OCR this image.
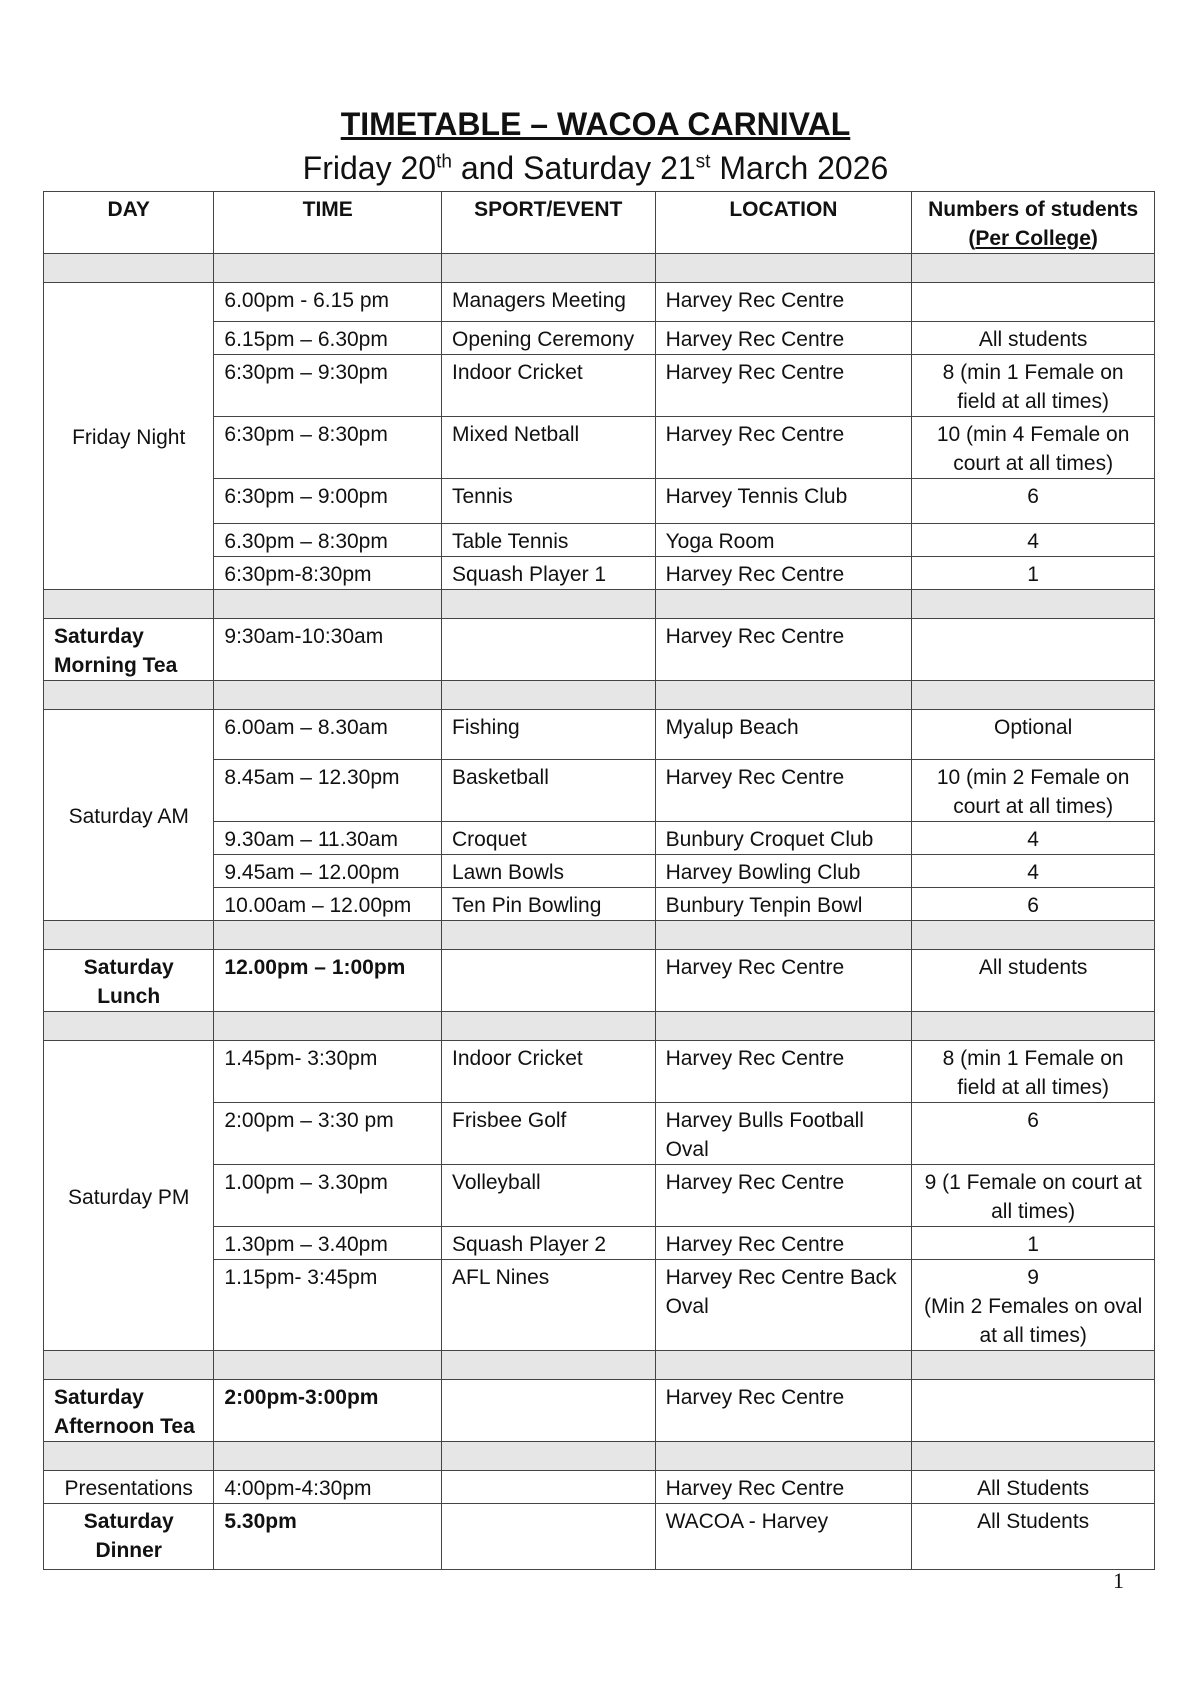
TIMETABLE – WACOA CARNIVAL
Friday 20th and Saturday 21st March 2026
DAY	TIME	SPORT/EVENT	LOCATION	Numbers of students
(Per College)

Friday Night	6.00pm - 6.15 pm	Managers Meeting	Harvey Rec Centre	
	6.15pm – 6.30pm	Opening Ceremony	Harvey Rec Centre	All students
	6:30pm – 9:30pm	Indoor Cricket	Harvey Rec Centre	8 (min 1 Female on field at all times)
	6:30pm – 8:30pm	Mixed Netball	Harvey Rec Centre	10 (min 4 Female on court at all times)
	6:30pm – 9:00pm	Tennis	Harvey Tennis Club	6
	6.30pm – 8:30pm	Table Tennis	Yoga Room	4
	6:30pm-8:30pm	Squash Player 1	Harvey Rec Centre	1

Saturday
Morning Tea	9:30am-10:30am		Harvey Rec Centre	

Saturday AM	6.00am – 8.30am	Fishing	Myalup Beach	Optional
	8.45am – 12.30pm	Basketball	Harvey Rec Centre	10 (min 2 Female on court at all times)
	9.30am – 11.30am	Croquet	Bunbury Croquet Club	4
	9.45am – 12.00pm	Lawn Bowls	Harvey Bowling Club	4
	10.00am – 12.00pm	Ten Pin Bowling	Bunbury Tenpin Bowl	6

Saturday
Lunch	12.00pm – 1:00pm		Harvey Rec Centre	All students

Saturday PM	1.45pm- 3:30pm	Indoor Cricket	Harvey Rec Centre	8 (min 1 Female on field at all times)
	2:00pm – 3:30 pm	Frisbee Golf	Harvey Bulls Football Oval	6
	1.00pm – 3.30pm	Volleyball	Harvey Rec Centre	9 (1 Female on court at all times)
	1.30pm – 3.40pm	Squash Player 2	Harvey Rec Centre	1
	1.15pm- 3:45pm	AFL Nines	Harvey Rec Centre Back Oval	9
(Min 2 Females on oval at all times)

Saturday
Afternoon Tea	2:00pm-3:00pm		Harvey Rec Centre	

Presentations	4:00pm-4:30pm		Harvey Rec Centre	All Students
Saturday
Dinner	5.30pm		WACOA - Harvey	All Students
1
